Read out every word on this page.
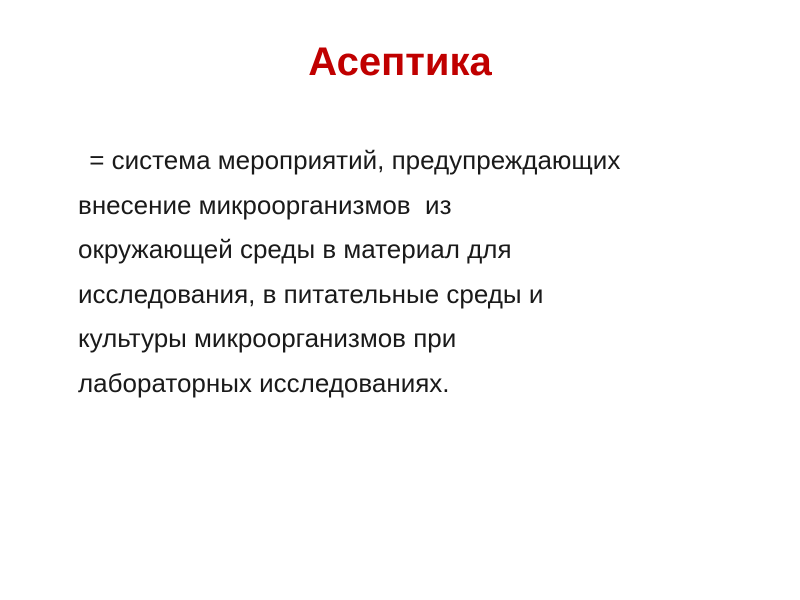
Асептика
= система мероприятий, предупреждающих
внесение микроорганизмов  из
окружающей среды в материал для
исследования, в питательные среды и
культуры микроорганизмов при
лабораторных исследованиях.
